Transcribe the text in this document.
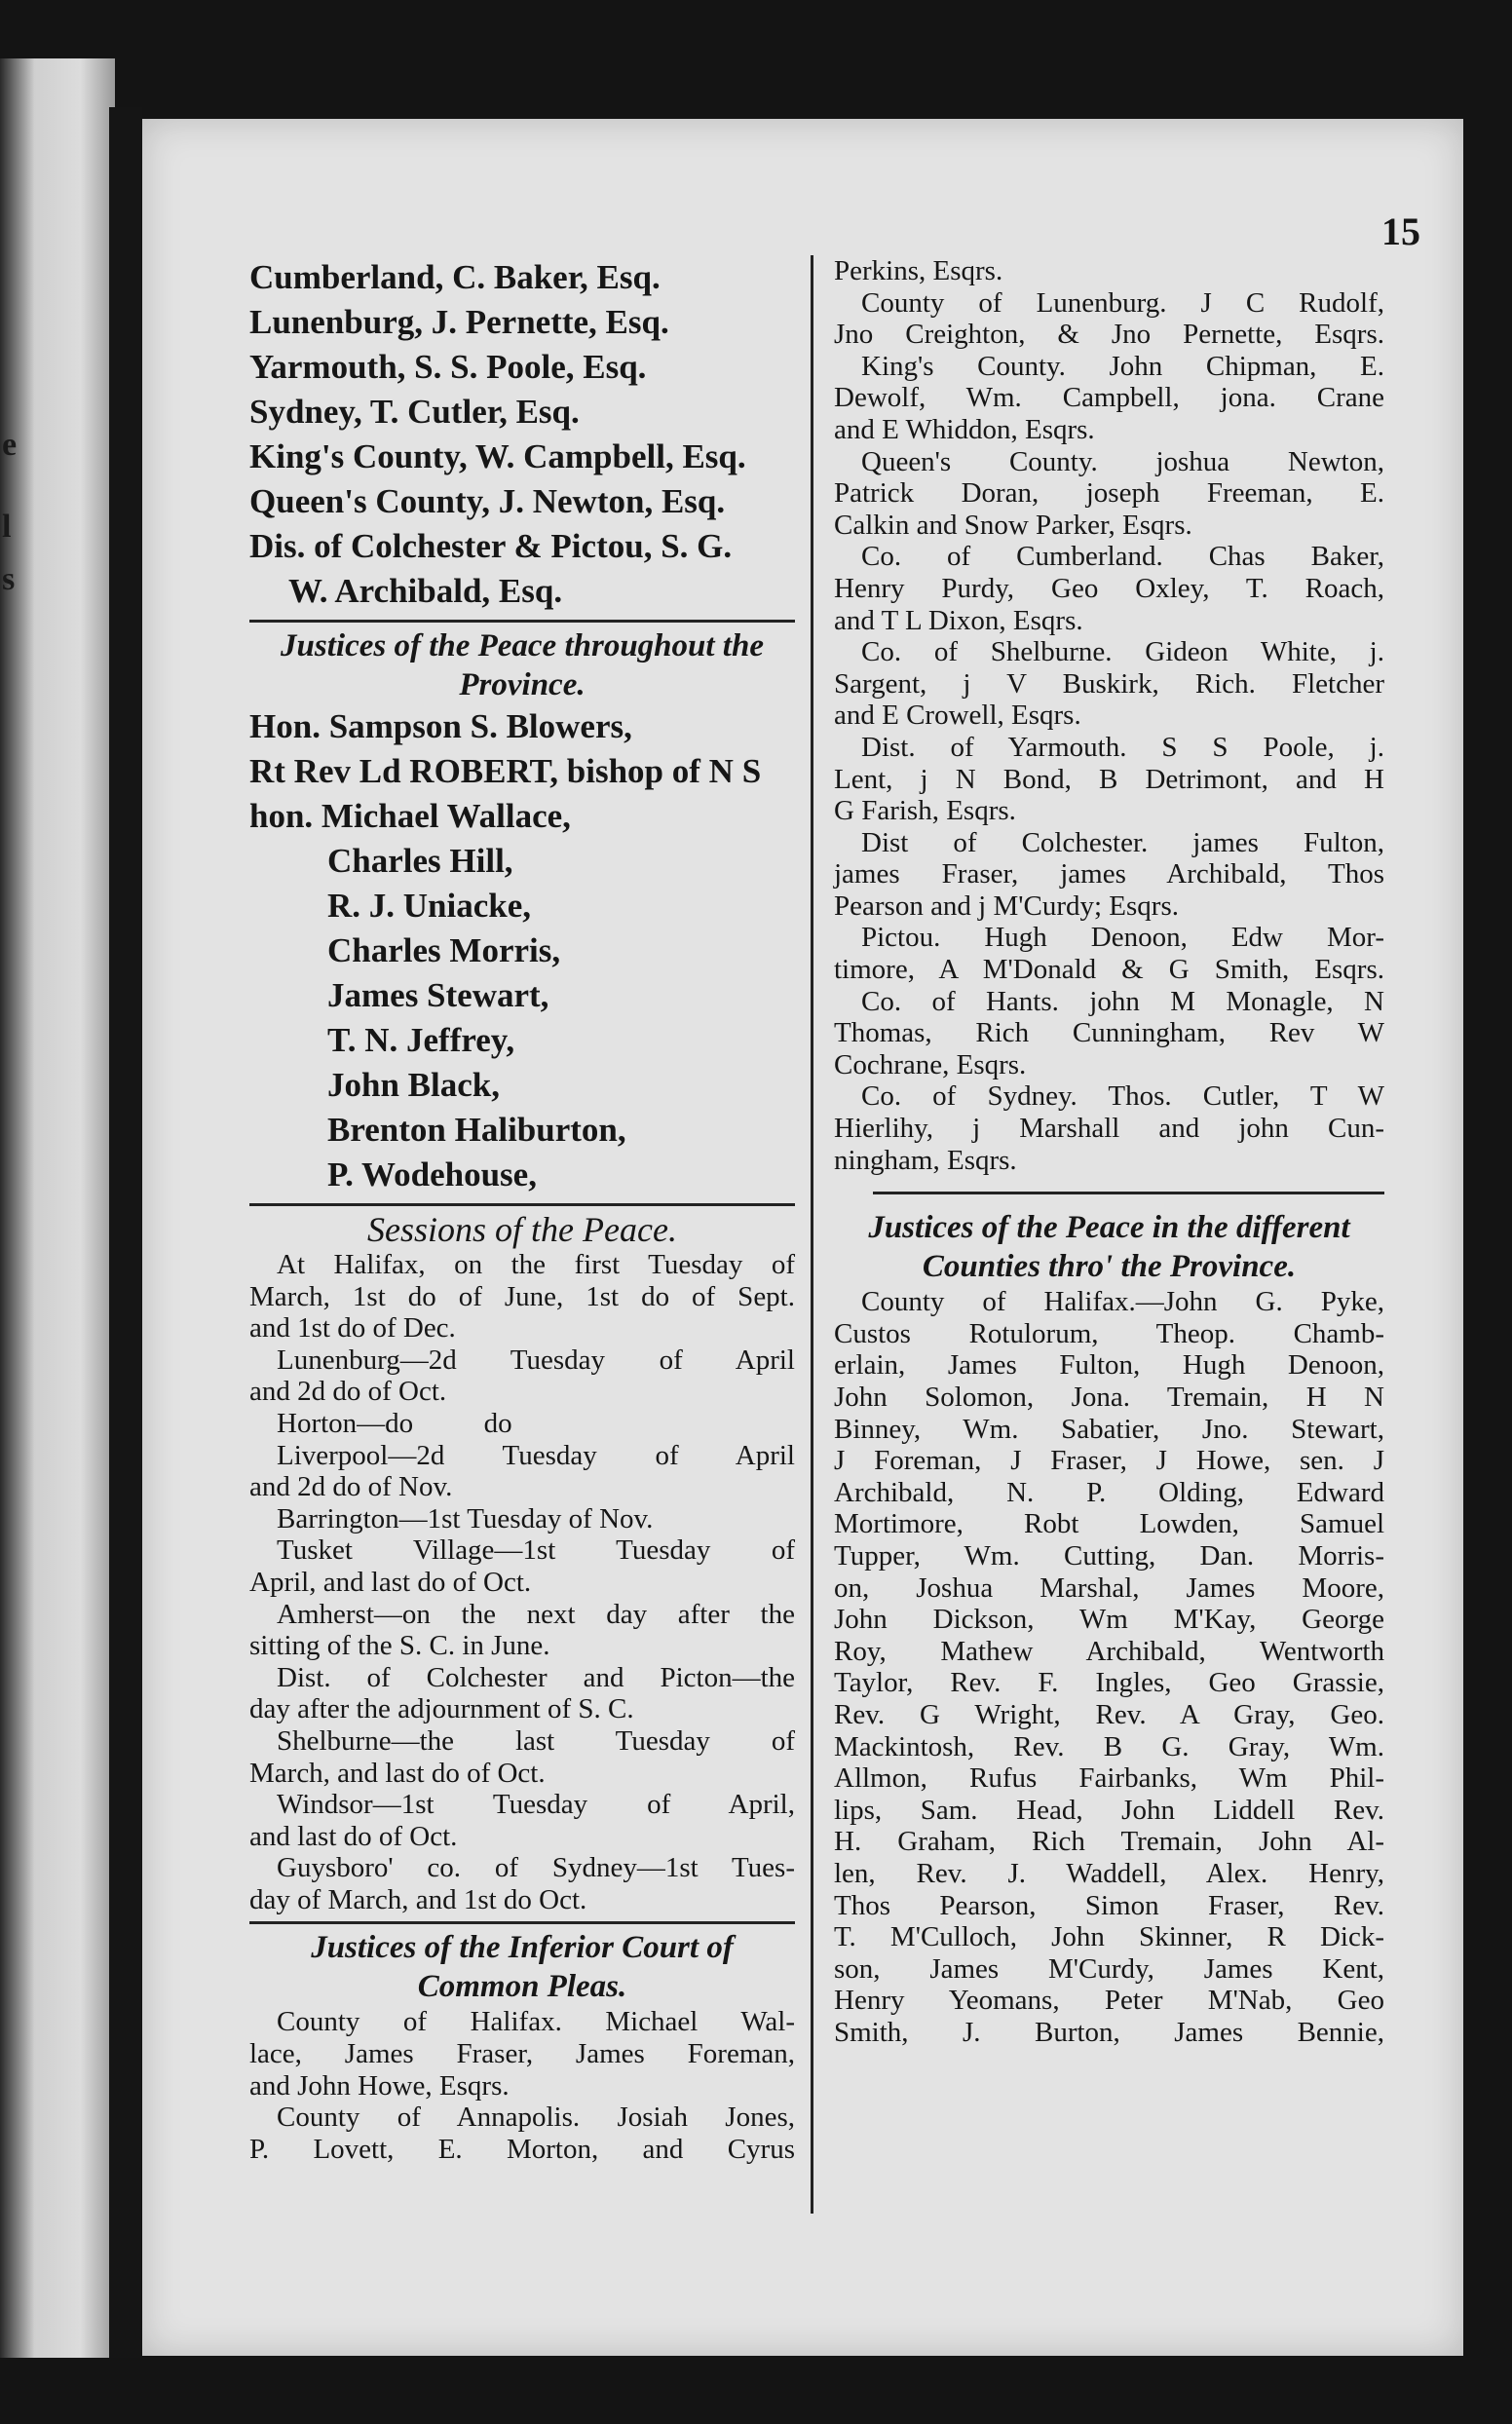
e
l
s
15
Cumberland, C. Baker, Esq.
Lunenburg, J. Pernette, Esq.
Yarmouth, S. S. Poole, Esq.
Sydney, T. Cutler, Esq.
King's County, W. Campbell, Esq.
Queen's County, J. Newton, Esq.
Dis. of Colchester & Pictou, S. G.
W. Archibald, Esq.
Justices of the Peace throughout the
Province.
Hon. Sampson S. Blowers,
Rt Rev Ld ROBERT, bishop of N S
hon. Michael Wallace,
Charles Hill,
R. J. Uniacke,
Charles Morris,
James Stewart,
T. N. Jeffrey,
John Black,
Brenton Haliburton,
P. Wodehouse,
Sessions of the Peace.
At Halifax, on the first Tuesday of
March, 1st do of June, 1st do of Sept.
and 1st do of Dec.
Lunenburg—2d Tuesday of April
and 2d do of Oct.
Horton—do          do
Liverpool—2d Tuesday of April
and 2d do of Nov.
Barrington—1st Tuesday of Nov.
Tusket Village—1st Tuesday of
April, and last do of Oct.
Amherst—on the next day after the
sitting of the S. C. in June.
Dist. of Colchester and Picton—the
day after the adjournment of S. C.
Shelburne—the last Tuesday of
March, and last do of Oct.
Windsor—1st Tuesday of April,
and last do of Oct.
Guysboro' co. of Sydney—1st Tues-
day of March, and 1st do Oct.
Justices of the Inferior Court of
Common Pleas.
County of Halifax. Michael Wal-
lace, James Fraser, James Foreman,
and John Howe, Esqrs.
County of Annapolis. Josiah Jones,
P. Lovett, E. Morton, and Cyrus
Perkins, Esqrs.
County of Lunenburg. J C Rudolf,
Jno Creighton, & Jno Pernette, Esqrs.
King's County. John Chipman, E.
Dewolf, Wm. Campbell, jona. Crane
and E Whiddon, Esqrs.
Queen's County. joshua Newton,
Patrick Doran, joseph Freeman, E.
Calkin and Snow Parker, Esqrs.
Co. of Cumberland. Chas Baker,
Henry Purdy, Geo Oxley, T. Roach,
and T L Dixon, Esqrs.
Co. of Shelburne. Gideon White, j.
Sargent, j V Buskirk, Rich. Fletcher
and E Crowell, Esqrs.
Dist. of Yarmouth. S S Poole, j.
Lent, j N Bond, B Detrimont, and H
G Farish, Esqrs.
Dist of Colchester. james Fulton,
james Fraser, james Archibald, Thos
Pearson and j M'Curdy; Esqrs.
Pictou. Hugh Denoon, Edw Mor-
timore, A M'Donald & G Smith, Esqrs.
Co. of Hants. john M Monagle, N
Thomas, Rich Cunningham, Rev W
Cochrane, Esqrs.
Co. of Sydney. Thos. Cutler, T W
Hierlihy, j Marshall and john Cun-
ningham, Esqrs.
Justices of the Peace in the different
Counties thro' the Province.
County of Halifax.—John G. Pyke,
Custos Rotulorum, Theop. Chamb-
erlain, James Fulton, Hugh Denoon,
John Solomon, Jona. Tremain, H N
Binney, Wm. Sabatier, Jno. Stewart,
J Foreman, J Fraser, J Howe, sen. J
Archibald, N. P. Olding, Edward
Mortimore, Robt Lowden, Samuel
Tupper, Wm. Cutting, Dan. Morris-
on, Joshua Marshal, James Moore,
John Dickson, Wm M'Kay, George
Roy, Mathew Archibald, Wentworth
Taylor, Rev. F. Ingles, Geo Grassie,
Rev. G Wright, Rev. A Gray, Geo.
Mackintosh, Rev. B G. Gray, Wm.
Allmon, Rufus Fairbanks, Wm Phil-
lips, Sam. Head, John Liddell Rev.
H. Graham, Rich Tremain, John Al-
len, Rev. J. Waddell, Alex. Henry,
Thos Pearson, Simon Fraser, Rev.
T. M'Culloch, John Skinner, R Dick-
son, James M'Curdy, James Kent,
Henry Yeomans, Peter M'Nab, Geo
Smith, J. Burton, James Bennie,
